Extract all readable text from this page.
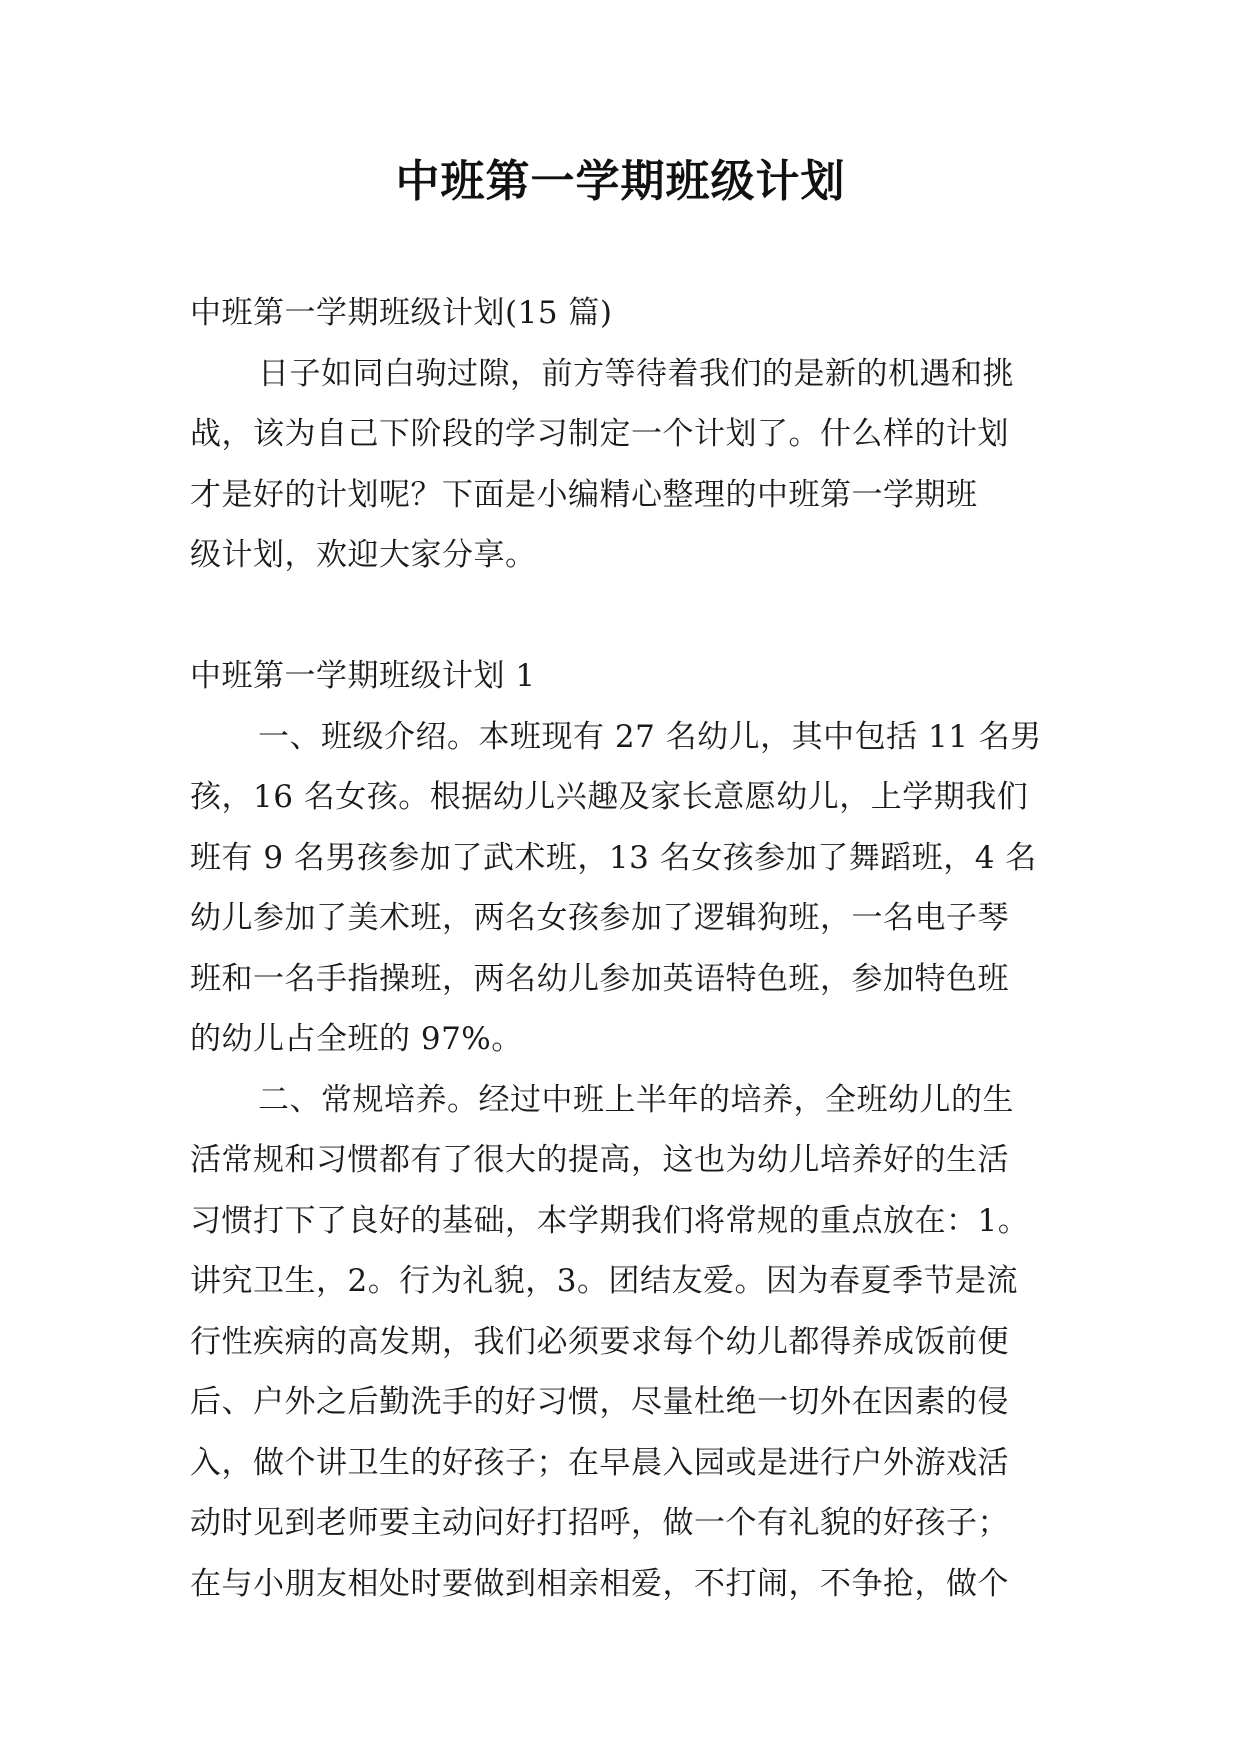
中班第一学期班级计划
中班第一学期班级计划(15 篇)
日子如同白驹过隙，前方等待着我们的是新的机遇和挑
战，该为自己下阶段的学习制定一个计划了。什么样的计划
才是好的计划呢？下面是小编精心整理的中班第一学期班
级计划，欢迎大家分享。
中班第一学期班级计划 1
一、班级介绍。本班现有 27 名幼儿，其中包括 11 名男
孩，16 名女孩。根据幼儿兴趣及家长意愿幼儿，上学期我们
班有 9 名男孩参加了武术班，13 名女孩参加了舞蹈班，4 名
幼儿参加了美术班，两名女孩参加了逻辑狗班，一名电子琴
班和一名手指操班，两名幼儿参加英语特色班，参加特色班
的幼儿占全班的 97%。
二、常规培养。经过中班上半年的培养，全班幼儿的生
活常规和习惯都有了很大的提高，这也为幼儿培养好的生活
习惯打下了良好的基础，本学期我们将常规的重点放在：1。
讲究卫生，2。行为礼貌，3。团结友爱。因为春夏季节是流
行性疾病的高发期，我们必须要求每个幼儿都得养成饭前便
后、户外之后勤洗手的好习惯，尽量杜绝一切外在因素的侵
入，做个讲卫生的好孩子；在早晨入园或是进行户外游戏活
动时见到老师要主动问好打招呼，做一个有礼貌的好孩子；
在与小朋友相处时要做到相亲相爱，不打闹，不争抢，做个
